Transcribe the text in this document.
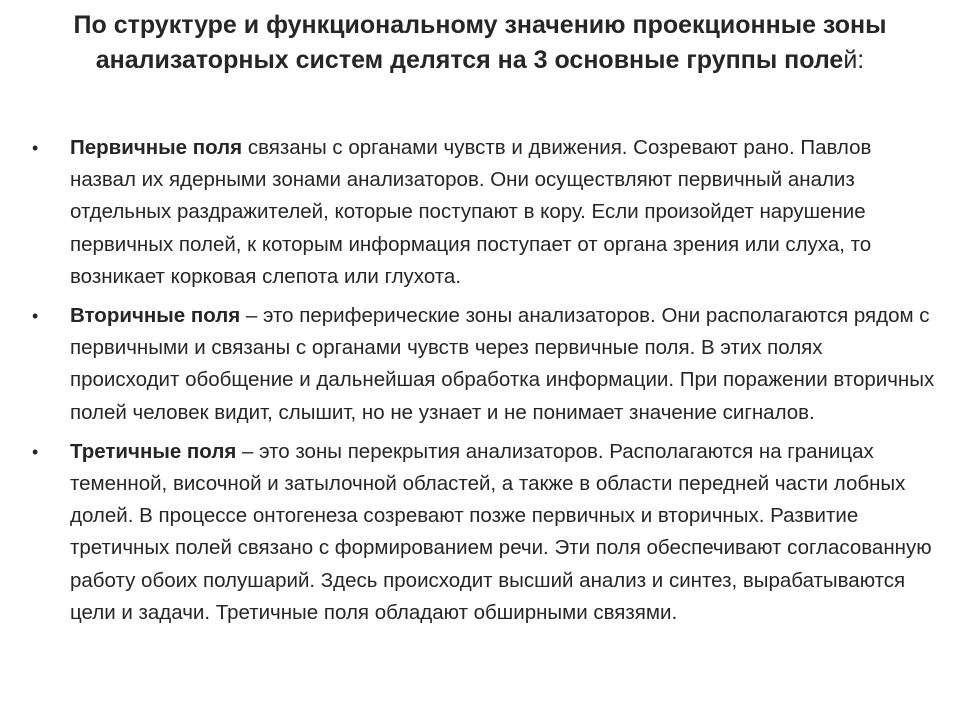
По структуре и функциональному значению проекционные зоны анализаторных систем делятся на 3 основные группы полей:
• Первичные поля связаны с органами чувств и движения. Созревают рано. Павлов назвал их ядерными зонами анализаторов. Они осуществляют первичный анализ отдельных раздражителей, которые поступают в кору. Если произойдет нарушение первичных полей, к которым информация поступает от органа зрения или слуха, то возникает корковая слепота или глухота.
• Вторичные поля – это периферические зоны анализаторов. Они располагаются рядом с первичными и связаны с органами чувств через первичные поля. В этих полях происходит обобщение и дальнейшая обработка информации. При поражении вторичных полей человек видит, слышит, но не узнает и не понимает значение сигналов.
• Третичные поля – это зоны перекрытия анализаторов. Располагаются на границах теменной, височной и затылочной областей, а также в области передней части лобных долей. В процессе онтогенеза созревают позже первичных и вторичных. Развитие третичных полей связано с формированием речи. Эти поля обеспечивают согласованную работу обоих полушарий. Здесь происходит высший анализ и синтез, вырабатываются цели и задачи. Третичные поля обладают обширными связями.
